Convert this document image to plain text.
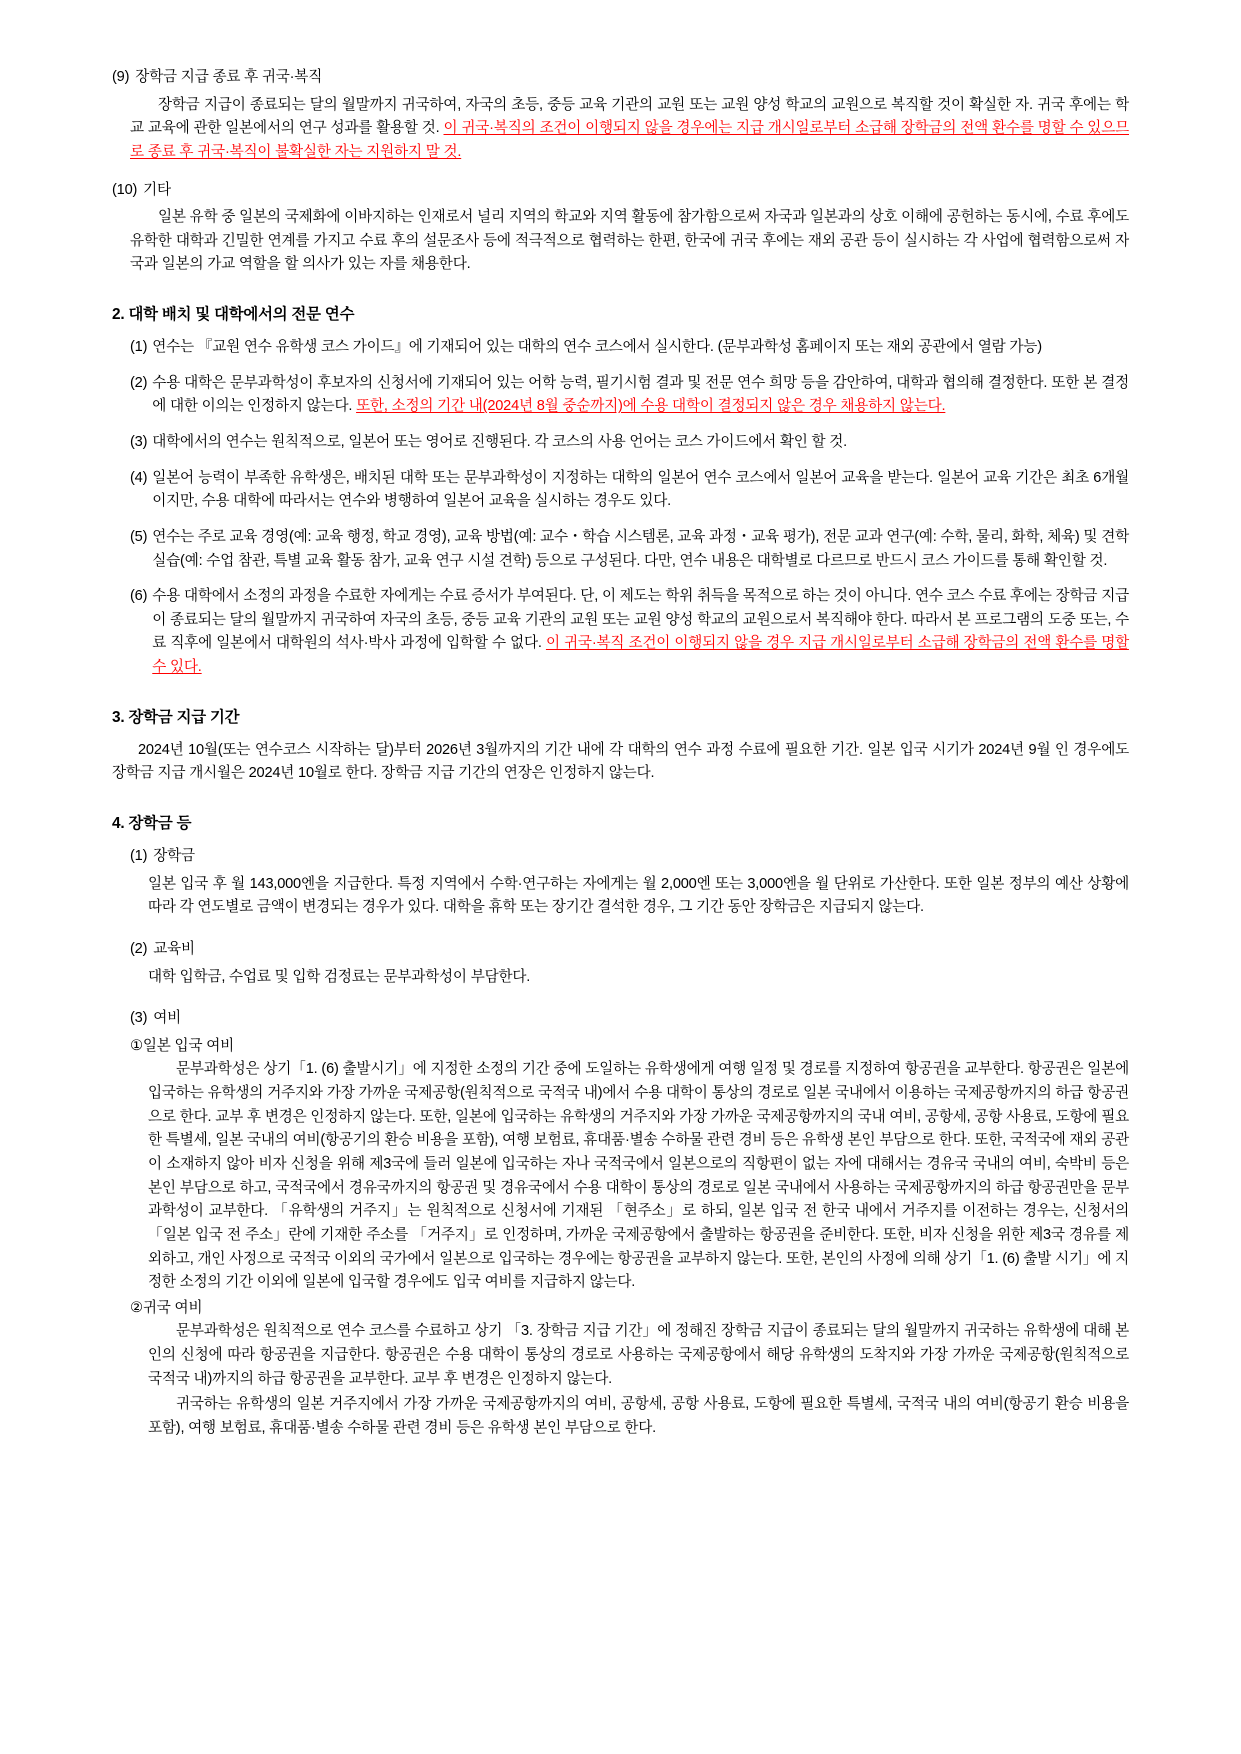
(9) 장학금 지급 종료 후 귀국·복직

장학금 지급이 종료되는 달의 월말까지 귀국하여, 자국의 초등, 중등 교육 기관의 교원 또는 교원 양성 학교의 교원으로 복직할 것이 확실한 자. 귀국 후에는 학교 교육에 관한 일본에서의 연구 성과를 활용할 것. 이 귀국·복직의 조건이 이행되지 않을 경우에는 지급 개시일로부터 소급해 장학금의 전액 환수를 명할 수 있으므로 종료 후 귀국·복직이 불확실한 자는 지원하지 말 것.

(10) 기타

일본 유학 중 일본의 국제화에 이바지하는 인재로서 널리 지역의 학교와 지역 활동에 참가함으로써 자국과 일본과의 상호 이해에 공헌하는 동시에, 수료 후에도 유학한 대학과 긴밀한 연계를 가지고 수료 후의 설문조사 등에 적극적으로 협력하는 한편, 한국에 귀국 후에는 재외 공관 등이 실시하는 각 사업에 협력함으로써 자국과 일본의 가교 역할을 할 의사가 있는 자를 채용한다.

2. 대학 배치 및 대학에서의 전문 연수
(1) 연수는 『교원 연수 유학생 코스 가이드』에 기재되어 있는 대학의 연수 코스에서 실시한다. (문부과학성 홈페이지 또는 재외 공관에서 열람 가능)
(2) 수용 대학은 문부과학성이 후보자의 신청서에 기재되어 있는 어학 능력, 필기시험 결과 및 전문 연수 희망 등을 감안하여, 대학과 협의해 결정한다. 또한 본 결정에 대한 이의는 인정하지 않는다. 또한, 소정의 기간 내(2024년 8월 중순까지)에 수용 대학이 결정되지 않은 경우 채용하지 않는다.
(3) 대학에서의 연수는 원칙적으로, 일본어 또는 영어로 진행된다. 각 코스의 사용 언어는 코스 가이드에서 확인 할 것.
(4) 일본어 능력이 부족한 유학생은, 배치된 대학 또는 문부과학성이 지정하는 대학의 일본어 연수 코스에서 일본어 교육을 받는다. 일본어 교육 기간은 최초 6개월이지만, 수용 대학에 따라서는 연수와 병행하여 일본어 교육을 실시하는 경우도 있다.
(5) 연수는 주로 교육 경영(예: 교육 행정, 학교 경영), 교육 방법(예: 교수・학습 시스템론, 교육 과정・교육 평가), 전문 교과 연구(예: 수학, 물리, 화학, 체육) 및 견학 실습(예: 수업 참관, 특별 교육 활동 참가, 교육 연구 시설 견학) 등으로 구성된다. 다만, 연수 내용은 대학별로 다르므로 반드시 코스 가이드를 통해 확인할 것.
(6) 수용 대학에서 소정의 과정을 수료한 자에게는 수료 증서가 부여된다. 단, 이 제도는 학위 취득을 목적으로 하는 것이 아니다. 연수 코스 수료 후에는 장학금 지급이 종료되는 달의 월말까지 귀국하여 자국의 초등, 중등 교육 기관의 교원 또는 교원 양성 학교의 교원으로서 복직해야 한다. 따라서 본 프로그램의 도중 또는, 수료 직후에 일본에서 대학원의 석사·박사 과정에 입학할 수 없다. 이 귀국·복직 조건이 이행되지 않을 경우 지급 개시일로부터 소급해 장학금의 전액 환수를 명할 수 있다.
3. 장학금 지급 기간

2024년 10월(또는 연수코스 시작하는 달)부터 2026년 3월까지의 기간 내에 각 대학의 연수 과정 수료에 필요한 기간. 일본 입국 시기가 2024년 9월 인 경우에도 장학금 지급 개시월은 2024년 10월로 한다. 장학금 지급 기간의 연장은 인정하지 않는다.

4. 장학금 등
(1) 장학금

일본 입국 후 월 143,000엔을 지급한다. 특정 지역에서 수학·연구하는 자에게는 월 2,000엔 또는 3,000엔을 월 단위로 가산한다. 또한 일본 정부의 예산 상황에 따라 각 연도별로 금액이 변경되는 경우가 있다. 대학을 휴학 또는 장기간 결석한 경우, 그 기간 동안 장학금은 지급되지 않는다.

(2) 교육비

대학 입학금, 수업료 및 입학 검정료는 문부과학성이 부담한다.

(3) 여비
①일본 입국 여비

문부과학성은 상기「1. (6) 출발시기」에 지정한 소정의 기간 중에 도일하는 유학생에게 여행 일정 및 경로를 지정하여 항공권을 교부한다. 항공권은 일본에 입국하는 유학생의 거주지와 가장 가까운 국제공항(원칙적으로 국적국 내)에서 수용 대학이 통상의 경로로 일본 국내에서 이용하는 국제공항까지의 하급 항공권으로 한다. 교부 후 변경은 인정하지 않는다. 또한, 일본에 입국하는 유학생의 거주지와 가장 가까운 국제공항까지의 국내 여비, 공항세, 공항 사용료, 도항에 필요한 특별세, 일본 국내의 여비(항공기의 환승 비용을 포함), 여행 보험료, 휴대품·별송 수하물 관련 경비 등은 유학생 본인 부담으로 한다. 또한, 국적국에 재외 공관이 소재하지 않아 비자 신청을 위해 제3국에 들러 일본에 입국하는 자나 국적국에서 일본으로의 직항편이 없는 자에 대해서는 경유국 국내의 여비, 숙박비 등은 본인 부담으로 하고, 국적국에서 경유국까지의 항공권 및 경유국에서 수용 대학이 통상의 경로로 일본 국내에서 사용하는 국제공항까지의 하급 항공권만을 문부과학성이 교부한다. 「유학생의 거주지」는 원칙적으로 신청서에 기재된 「현주소」로 하되, 일본 입국 전 한국 내에서 거주지를 이전하는 경우는, 신청서의 「일본 입국 전 주소」란에 기재한 주소를 「거주지」로 인정하며, 가까운 국제공항에서 출발하는 항공권을 준비한다. 또한, 비자 신청을 위한 제3국 경유를 제외하고, 개인 사정으로 국적국 이외의 국가에서 일본으로 입국하는 경우에는 항공권을 교부하지 않는다. 또한, 본인의 사정에 의해 상기「1. (6) 출발 시기」에 지정한 소정의 기간 이외에 일본에 입국할 경우에도 입국 여비를 지급하지 않는다.

②귀국 여비

문부과학성은 원칙적으로 연수 코스를 수료하고 상기 「3. 장학금 지급 기간」에 정해진 장학금 지급이 종료되는 달의 월말까지 귀국하는 유학생에 대해 본인의 신청에 따라 항공권을 지급한다. 항공권은 수용 대학이 통상의 경로로 사용하는 국제공항에서 해당 유학생의 도착지와 가장 가까운 국제공항(원칙적으로 국적국 내)까지의 하급 항공권을 교부한다. 교부 후 변경은 인정하지 않는다.

귀국하는 유학생의 일본 거주지에서 가장 가까운 국제공항까지의 여비, 공항세, 공항 사용료, 도항에 필요한 특별세, 국적국 내의 여비(항공기 환승 비용을 포함), 여행 보험료, 휴대품·별송 수하물 관련 경비 등은 유학생 본인 부담으로 한다.
